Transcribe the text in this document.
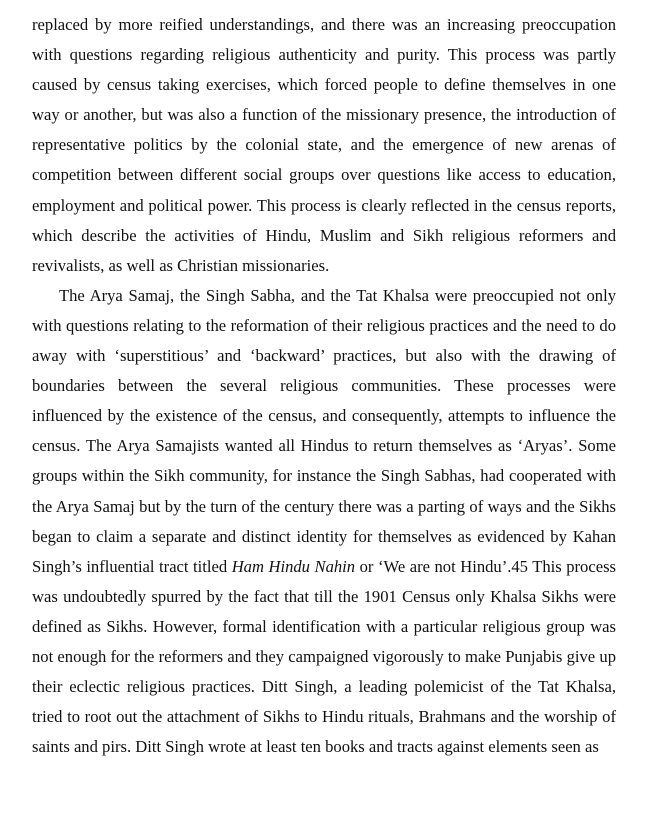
replaced by more reified understandings, and there was an increasing preoccupation with questions regarding religious authenticity and purity. This process was partly caused by census taking exercises, which forced people to define themselves in one way or another, but was also a function of the missionary presence, the introduction of representative politics by the colonial state, and the emergence of new arenas of competition between different social groups over questions like access to education, employment and political power. This process is clearly reflected in the census reports, which describe the activities of Hindu, Muslim and Sikh religious reformers and revivalists, as well as Christian missionaries.

The Arya Samaj, the Singh Sabha, and the Tat Khalsa were preoccupied not only with questions relating to the reformation of their religious practices and the need to do away with ‘superstitious’ and ‘backward’ practices, but also with the drawing of boundaries between the several religious communities. These processes were influenced by the existence of the census, and consequently, attempts to influence the census. The Arya Samajists wanted all Hindus to return themselves as ‘Aryas’. Some groups within the Sikh community, for instance the Singh Sabhas, had cooperated with the Arya Samaj but by the turn of the century there was a parting of ways and the Sikhs began to claim a separate and distinct identity for themselves as evidenced by Kahan Singh’s influential tract titled Ham Hindu Nahin or ‘We are not Hindu’.45 This process was undoubtedly spurred by the fact that till the 1901 Census only Khalsa Sikhs were defined as Sikhs. However, formal identification with a particular religious group was not enough for the reformers and they campaigned vigorously to make Punjabis give up their eclectic religious practices. Ditt Singh, a leading polemicist of the Tat Khalsa, tried to root out the attachment of Sikhs to Hindu rituals, Brahmans and the worship of saints and pirs. Ditt Singh wrote at least ten books and tracts against elements seen as
